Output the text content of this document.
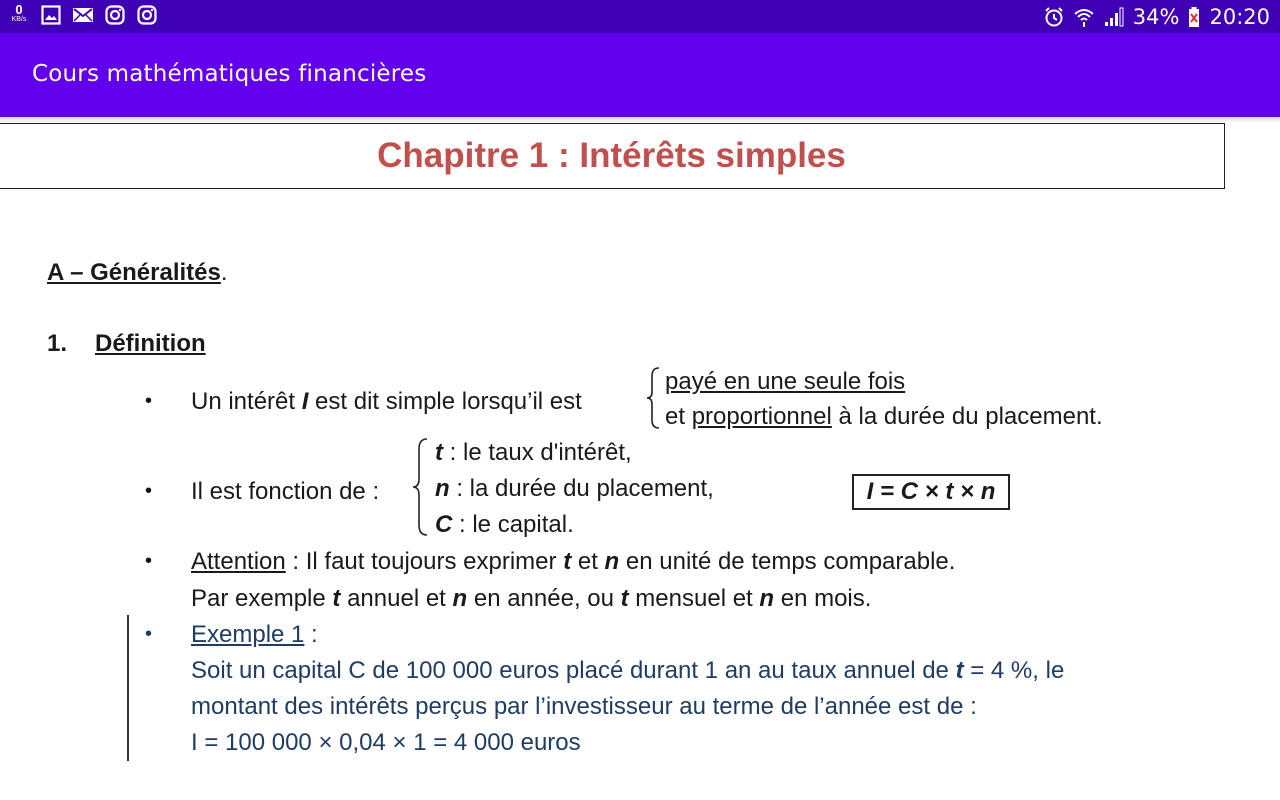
0
KB/s	34% 20:20
Cours mathématiques financières
Chapitre 1 : Intérêts simples
A – Généralités.
1. Définition
• Un intérêt I est dit simple lorsqu’il est
payé en une seule fois
et proportionnel à la durée du placement.
• Il est fonction de :
t : le taux d'intérêt,
n : la durée du placement,
C : le capital.
I = C × t × n
• Attention : Il faut toujours exprimer t et n en unité de temps comparable.
Par exemple t annuel et n en année, ou t mensuel et n en mois.
• Exemple 1 :
Soit un capital C de 100 000 euros placé durant 1 an au taux annuel de t = 4 %, le
montant des intérêts perçus par l’investisseur au terme de l’année est de :
I = 100 000 × 0,04 × 1 = 4 000 euros
